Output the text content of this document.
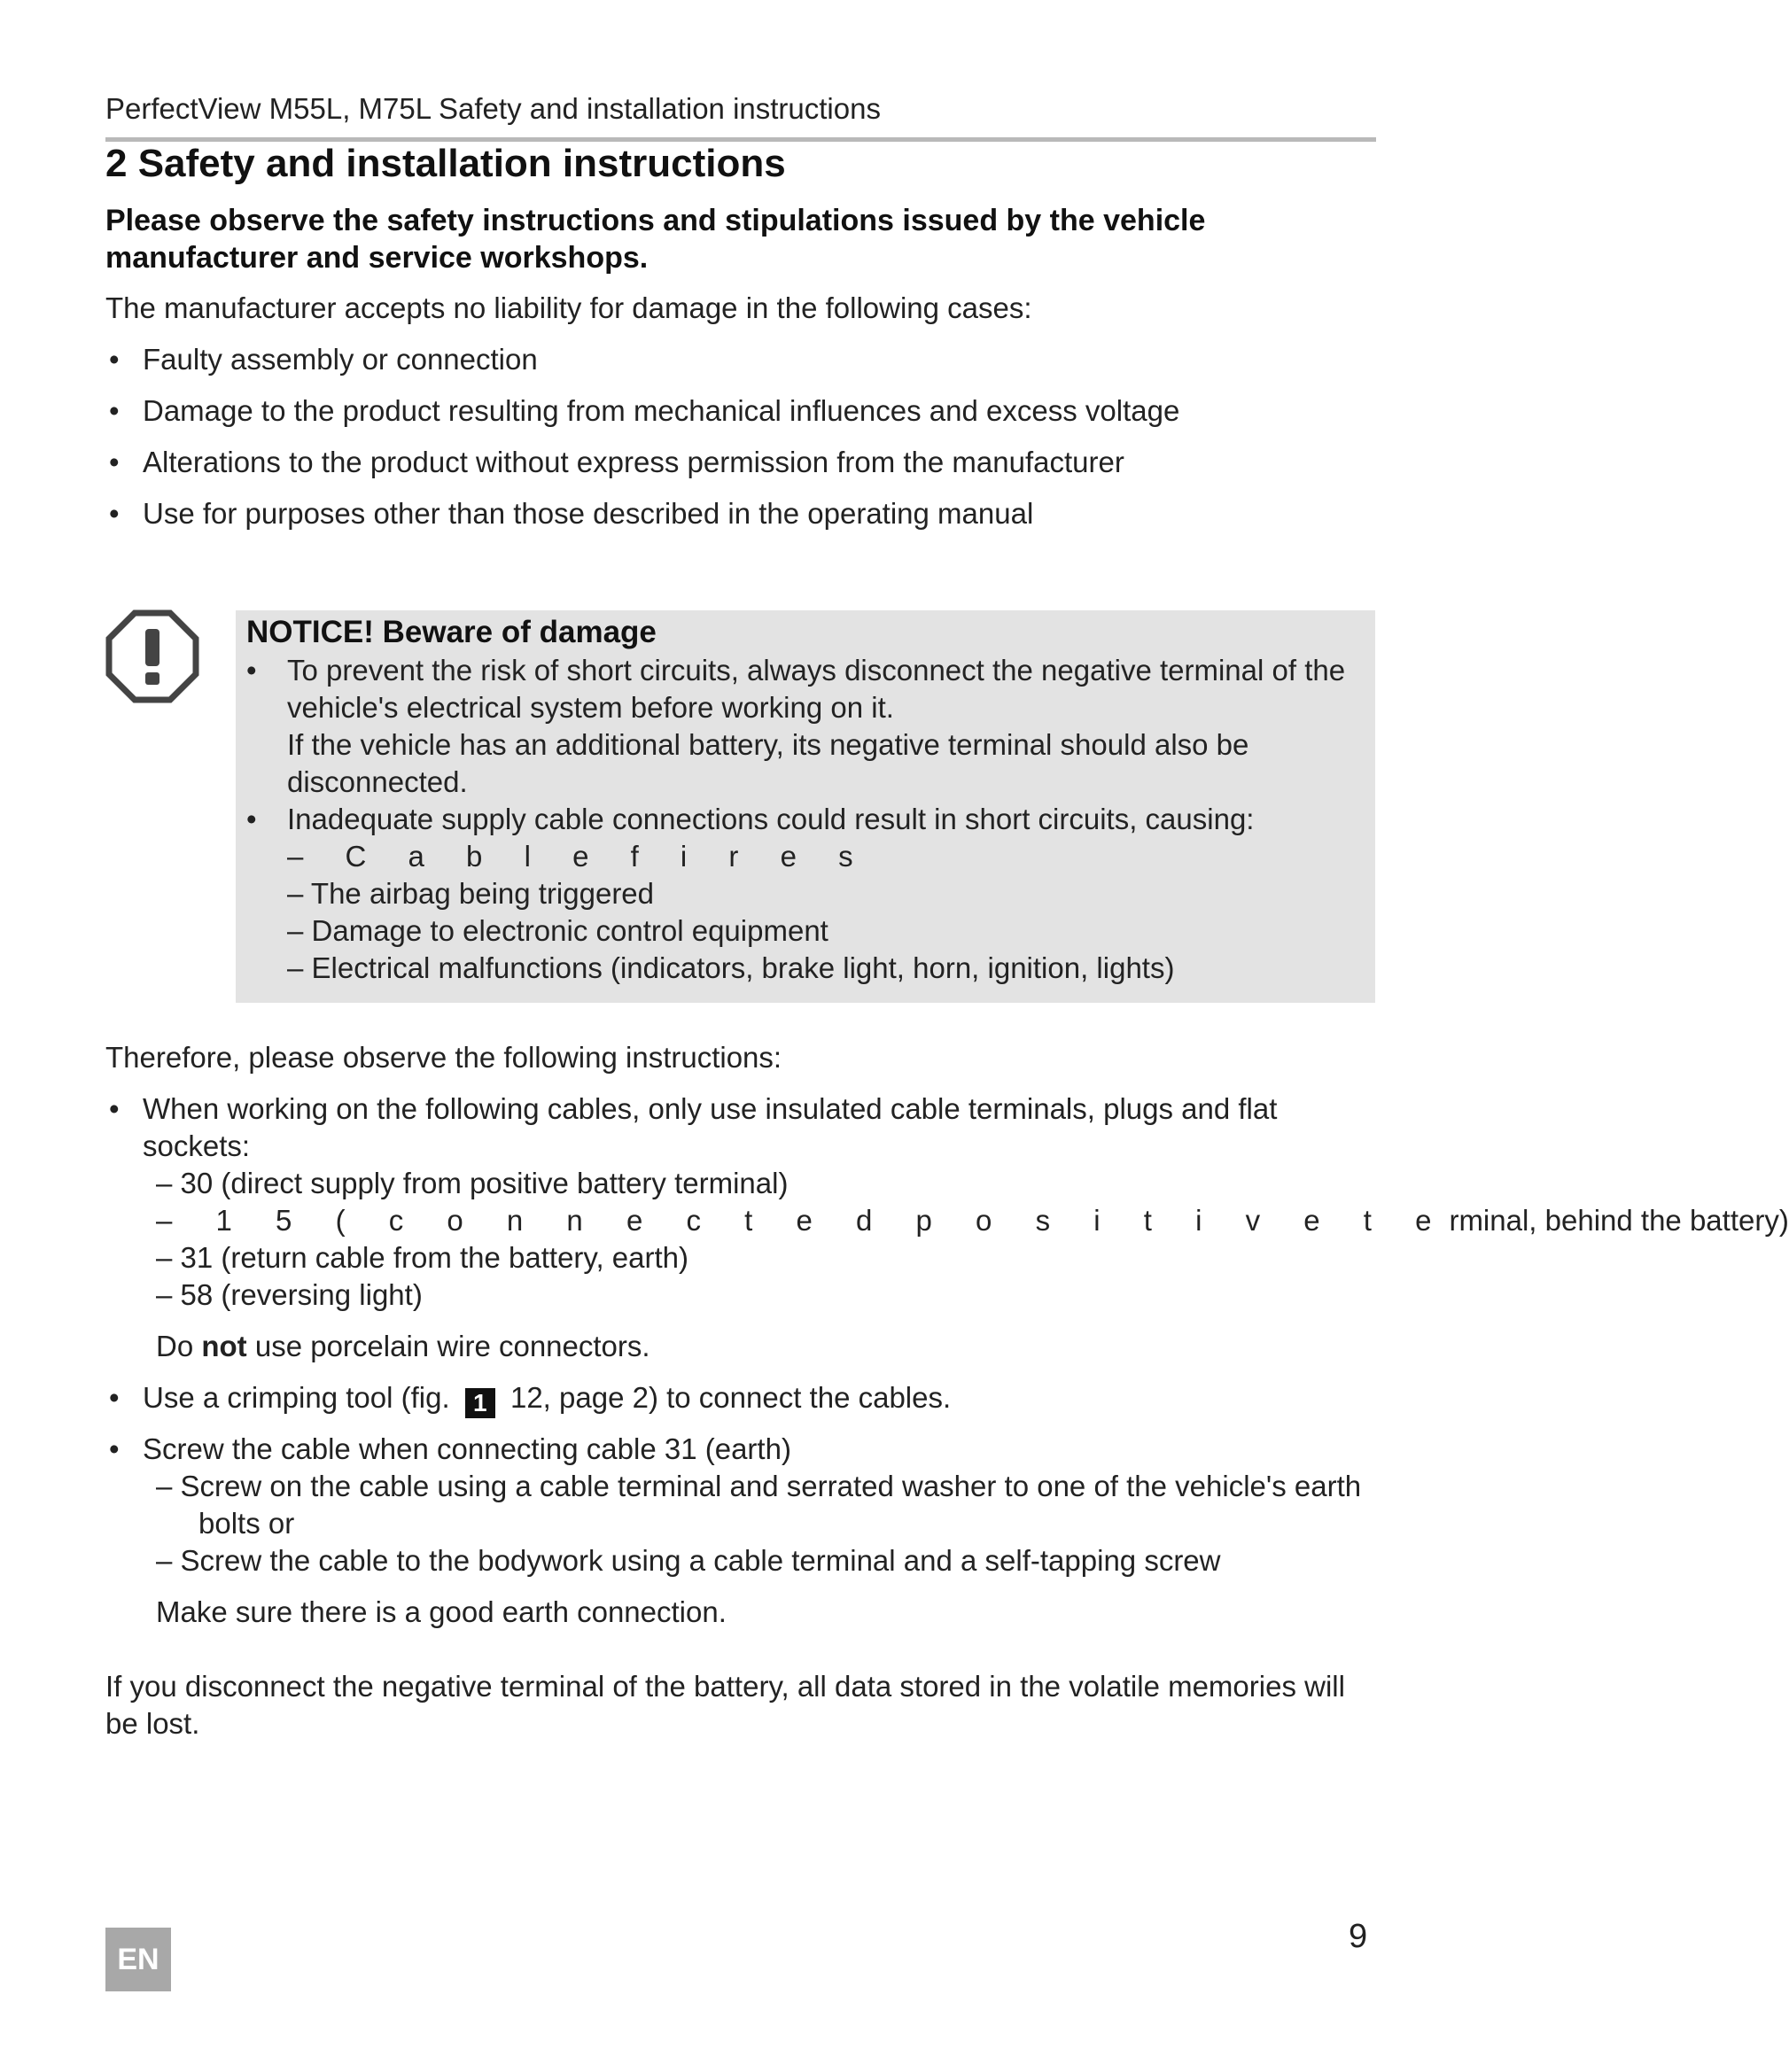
PerfectView M55L, M75L Safety and installation instructions
2 Safety and installation instructions
Please observe the safety instructions and stipulations issued by the vehicle
manufacturer and service workshops.
The manufacturer accepts no liability for damage in the following cases:
• Faulty assembly or connection
• Damage to the product resulting from mechanical influences and excess voltage
• Alterations to the product without express permission from the manufacturer
• Use for purposes other than those described in the operating manual
NOTICE! Beware of damage
• To prevent the risk of short circuits, always disconnect the negative terminal of the
vehicle's electrical system before working on it.
If the vehicle has an additional battery, its negative terminal should also be
disconnected.
• Inadequate supply cable connections could result in short circuits, causing:
– C a b l e f i r e s
– The airbag being triggered
– Damage to electronic control equipment
– Electrical malfunctions (indicators, brake light, horn, ignition, lights)
Therefore, please observe the following instructions:
• When working on the following cables, only use insulated cable terminals, plugs and flat
sockets:
– 30 (direct supply from positive battery terminal)
– 1 5 ( c o n n e c t e d p o s i t i v e t erminal, behind the battery)
– 31 (return cable from the battery, earth)
– 58 (reversing light)
Do not use porcelain wire connectors.
• Use a crimping tool (fig. 1 12, page 2) to connect the cables.
• Screw the cable when connecting cable 31 (earth)
– Screw on the cable using a cable terminal and serrated washer to one of the vehicle's earth
bolts or
– Screw the cable to the bodywork using a cable terminal and a self-tapping screw
Make sure there is a good earth connection.
If you disconnect the negative terminal of the battery, all data stored in the volatile memories will
be lost.
EN
9
